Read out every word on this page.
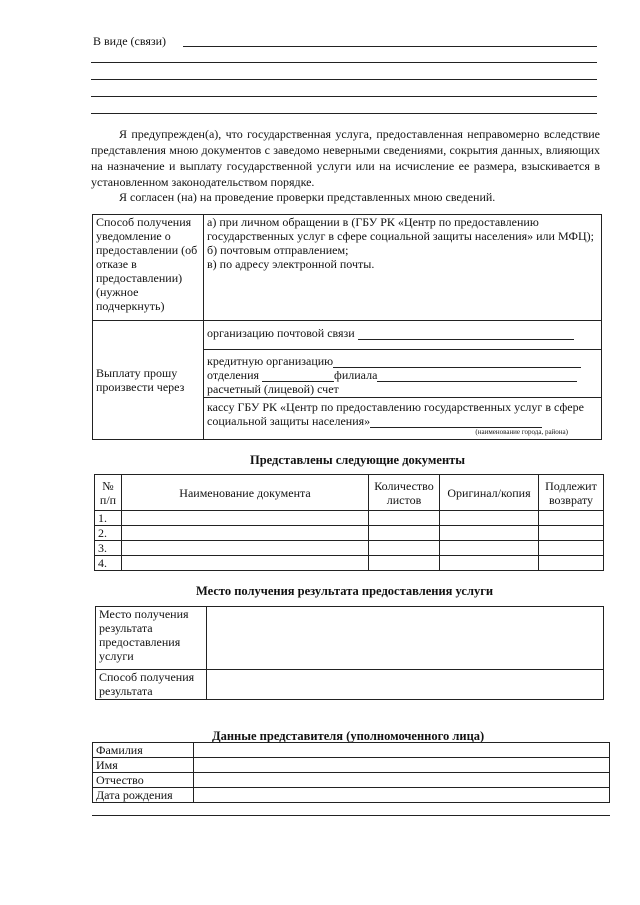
В виде (связи)
Я предупрежден(а), что государственная услуга, предоставленная неправомерно вследствие представления мною документов с заведомо неверными сведениями, сокрытия данных, влияющих на назначение и выплату государственной услуги или на исчисление ее размера, взыскивается в установленном законодательством порядке.
Я согласен (на) на проведение проверки представленных мною сведений.
Способ получения уведомление о предоставлении (об отказе в предоставлении) (нужное подчеркнуть)	а) при личном обращении в (ГБУ РК «Центр по предоставлению государственных услуг в сфере социальной защиты населения» или МФЦ);
б) почтовым отправлением;
в) по адресу электронной почты.

Выплату прошу произвести через	организацию почтовой связи

	кредитную организацию
отделения филиала
расчетный (лицевой) счет

	кассу ГБУ РК «Центр по предоставлению государственных услуг в сфере социальной защиты населения»
(наименование города, района)
Представлены следующие документы
№ п/п	Наименование документа	Количество листов	Оригинал/копия	Подлежит возврату
1.				
2.				
3.				
4.				
Место получения результата предоставления услуги
Место получения результата предоставления услуги	
Способ получения результата	
Данные представителя (уполномоченного лица)
Фамилия	
Имя	
Отчество	
Дата рождения	
